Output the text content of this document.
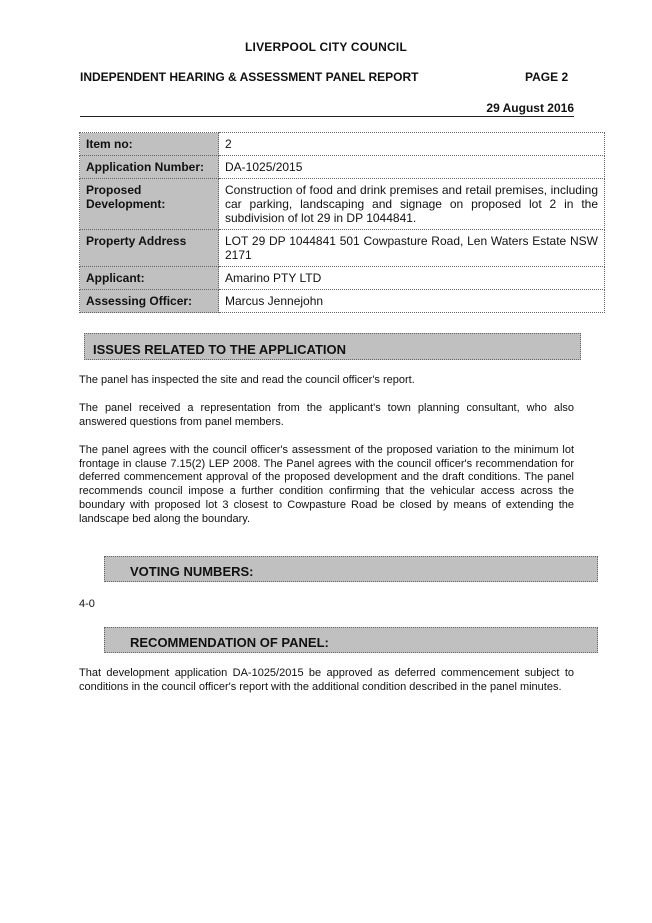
LIVERPOOL CITY COUNCIL
INDEPENDENT HEARING & ASSESSMENT PANEL REPORT	PAGE 2
29 August 2016
Item no:	2
Application Number:	DA-1025/2015
Proposed Development:	Construction of food and drink premises and retail premises, including car parking, landscaping and signage on proposed lot 2 in the subdivision of lot 29 in DP 1044841.
Property Address	LOT 29 DP 1044841 501 Cowpasture Road, Len Waters Estate NSW 2171
Applicant:	Amarino PTY LTD
Assessing Officer:	Marcus Jennejohn
ISSUES RELATED TO THE APPLICATION

The panel has inspected the site and read the council officer's report.

The panel received a representation from the applicant's town planning consultant, who also answered questions from panel members.

The panel agrees with the council officer's assessment of the proposed variation to the minimum lot frontage in clause 7.15(2) LEP 2008. The Panel agrees with the council officer's recommendation for deferred commencement approval of the proposed development and the draft conditions. The panel recommends council impose a further condition confirming that the vehicular access across the boundary with proposed lot 3 closest to Cowpasture Road be closed by means of extending the landscape bed along the boundary.

VOTING NUMBERS:
4-0
RECOMMENDATION OF PANEL:

That development application DA-1025/2015 be approved as deferred commencement subject to conditions in the council officer's report with the additional condition described in the panel minutes.
